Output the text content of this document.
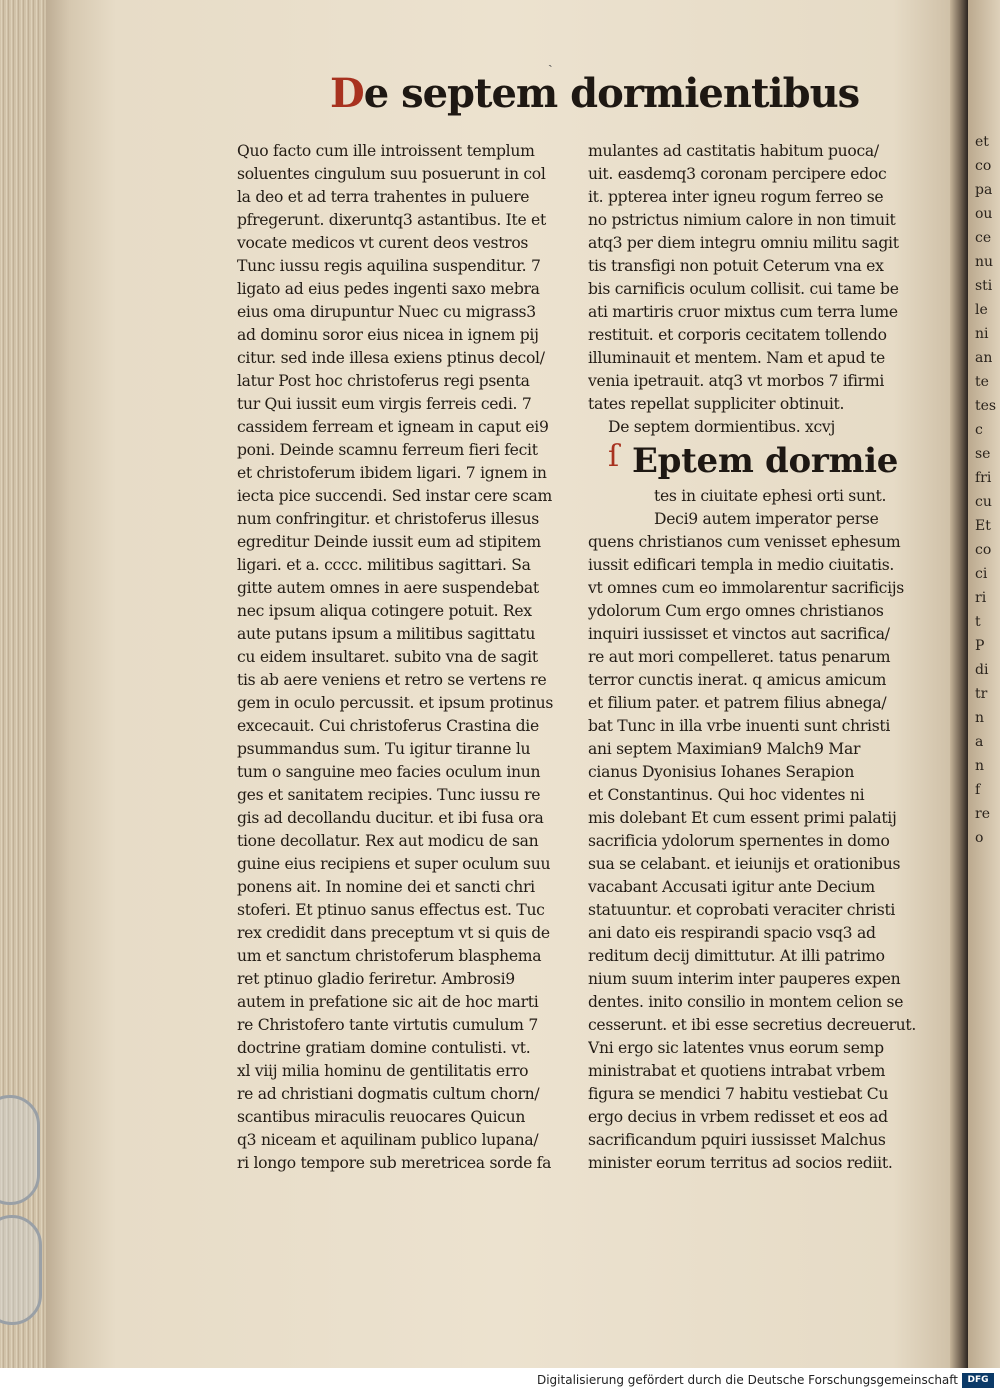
ˏ
De septem dormientibus
Quo facto cum ille introissent templum
soluentes cingulum suu posuerunt in col
la deo et ad terra trahentes in puluere
pfregerunt. dixeruntq3 astantibus. Ite et
vocate medicos vt curent deos vestros
Tunc iussu regis aquilina suspenditur. 7
ligato ad eius pedes ingenti saxo mebra
eius oma dirupuntur Nuec cu migrass3
ad dominu soror eius nicea in ignem pij
citur. sed inde illesa exiens ptinus decol/
latur Post hoc christoferus regi psenta
tur Qui iussit eum virgis ferreis cedi. 7
cassidem ferream et igneam in caput ei9
poni. Deinde scamnu ferreum fieri fecit
et christoferum ibidem ligari. 7 ignem in
iecta pice succendi. Sed instar cere scam
num confringitur. et christoferus illesus
egreditur Deinde iussit eum ad stipitem
ligari. et a. cccc. militibus sagittari. Sa
gitte autem omnes in aere suspendebat
nec ipsum aliqua cotingere potuit. Rex
aute putans ipsum a militibus sagittatu
cu eidem insultaret. subito vna de sagit
tis ab aere veniens et retro se vertens re
gem in oculo percussit. et ipsum protinus
excecauit. Cui christoferus Crastina die
psummandus sum. Tu igitur tiranne lu
tum o sanguine meo facies oculum inun
ges et sanitatem recipies. Tunc iussu re
gis ad decollandu ducitur. et ibi fusa ora
tione decollatur. Rex aut modicu de san
guine eius recipiens et super oculum suu
ponens ait. In nomine dei et sancti chri
stoferi. Et ptinuo sanus effectus est. Tuc
rex credidit dans preceptum vt si quis de
um et sanctum christoferum blasphema
ret ptinuo gladio feriretur. Ambrosi9
autem in prefatione sic ait de hoc marti
re Christofero tante virtutis cumulum 7
doctrine gratiam domine contulisti. vt.
xl viij milia hominu de gentilitatis erro
re ad christiani dogmatis cultum chorn/
scantibus miraculis reuocares Quicun
q3 niceam et aquilinam publico lupana/
ri longo tempore sub meretricea sorde fa
mulantes ad castitatis habitum puoca/
uit. easdemq3 coronam percipere edoc
it. ppterea inter igneu rogum ferreo se
no pstrictus nimium calore in non timuit
atq3 per diem integru omniu militu sagit
tis transfigi non potuit Ceterum vna ex
bis carnificis oculum collisit. cui tame be
ati martiris cruor mixtus cum terra lume
restituit. et corporis cecitatem tollendo
illuminauit et mentem. Nam et apud te
venia ipetrauit. atq3 vt morbos 7 ifirmi
tates repellat suppliciter obtinuit.
De septem dormientibus. xcvj
ſ Eptem dormie
tes in ciuitate ephesi orti sunt.
Deci9 autem imperator perse
quens christianos cum venisset ephesum
iussit edificari templa in medio ciuitatis.
vt omnes cum eo immolarentur sacrificijs
ydolorum Cum ergo omnes christianos
inquiri iussisset et vinctos aut sacrifica/
re aut mori compelleret. tatus penarum
terror cunctis inerat. q amicus amicum
et filium pater. et patrem filius abnega/
bat Tunc in illa vrbe inuenti sunt christi
ani septem Maximian9 Malch9 Mar
cianus Dyonisius Iohanes Serapion
et Constantinus. Qui hoc videntes ni
mis dolebant Et cum essent primi palatij
sacrificia ydolorum spernentes in domo
sua se celabant. et ieiunijs et orationibus
vacabant Accusati igitur ante Decium
statuuntur. et coprobati veraciter christi
ani dato eis respirandi spacio vsq3 ad
reditum decij dimittutur. At illi patrimo
nium suum interim inter pauperes expen
dentes. inito consilio in montem celion se
cesserunt. et ibi esse secretius decreuerut.
Vni ergo sic latentes vnus eorum semp
ministrabat et quotiens intrabat vrbem
figura se mendici 7 habitu vestiebat Cu
ergo decius in vrbem redisset et eos ad
sacrificandum pquiri iussisset Malchus
minister eorum territus ad socios rediit.
et
co
pa
ou
ce
nu
sti
le
ni
an
te
tes
c
se
fri
cu
Et
co
ci
ri
t
P
di
tr
n
a
n
f
re
o
Digitalisierung gefördert durch die Deutsche Forschungsgemeinschaft	DFG
